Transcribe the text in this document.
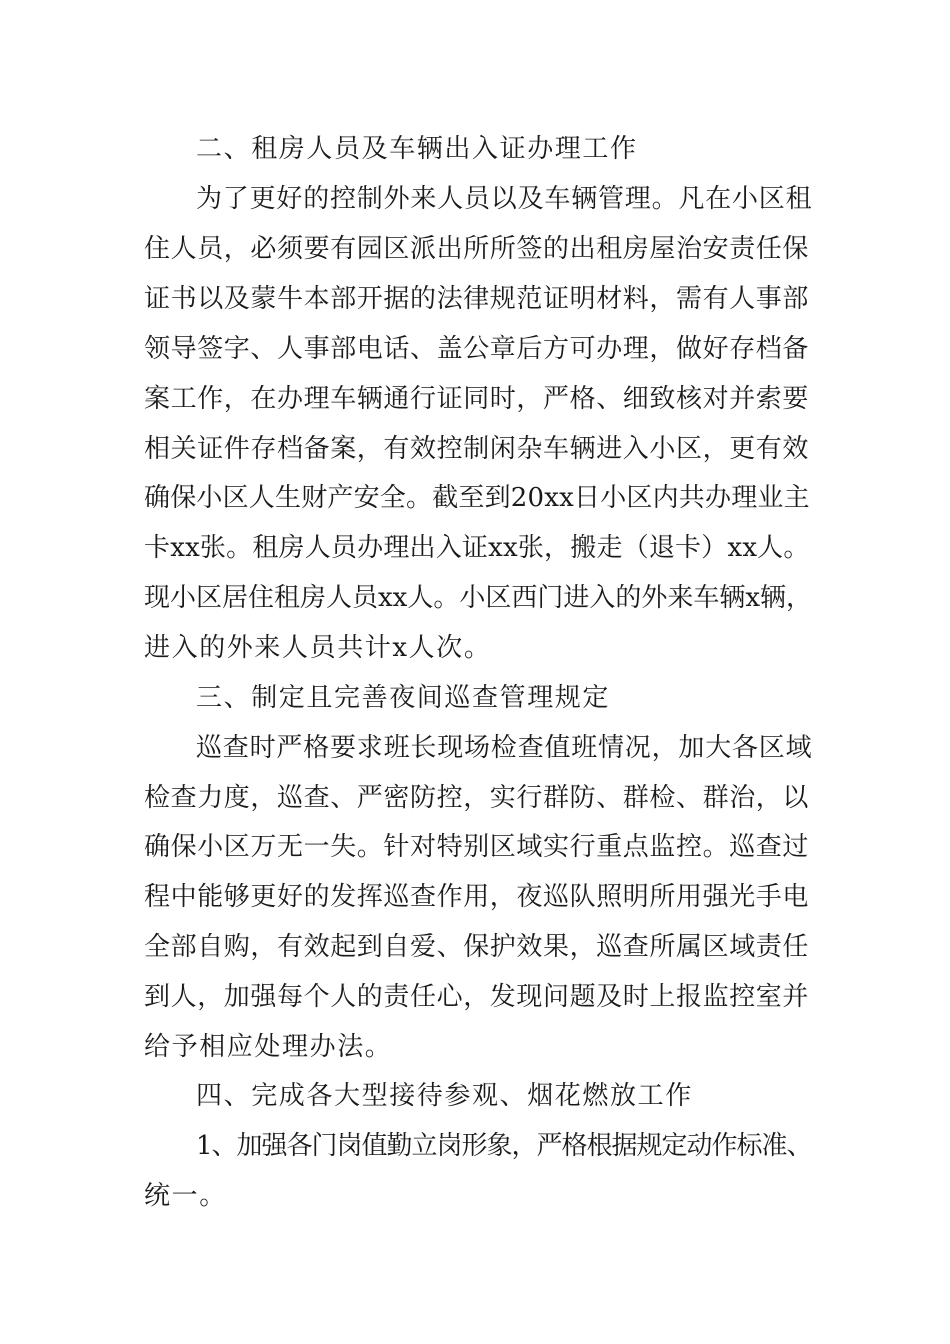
二、租房人员及车辆出入证办理工作
为了更好的控制外来人员以及车辆管理。凡在小区租
住人员，必须要有园区派出所所签的出租房屋治安责任保
证书以及蒙牛本部开据的法律规范证明材料，需有人事部
领导签字、人事部电话、盖公章后方可办理，做好存档备
案工作，在办理车辆通行证同时，严格、细致核对并索要
相关证件存档备案，有效控制闲杂车辆进入小区，更有效
确保小区人生财产安全。截至到20xx日小区内共办理业主
卡xx张。租房人员办理出入证xx张，搬走（退卡）xx人。
现小区居住租房人员xx人。小区西门进入的外来车辆x辆，
进入的外来人员共计x人次。
三、制定且完善夜间巡查管理规定
巡查时严格要求班长现场检查值班情况，加大各区域
检查力度，巡查、严密防控，实行群防、群检、群治，以
确保小区万无一失。针对特别区域实行重点监控。巡查过
程中能够更好的发挥巡查作用，夜巡队照明所用强光手电
全部自购，有效起到自爱、保护效果，巡查所属区域责任
到人，加强每个人的责任心，发现问题及时上报监控室并
给予相应处理办法。
四、完成各大型接待参观、烟花燃放工作
1、加强各门岗值勤立岗形象，严格根据规定动作标准、
统一。
